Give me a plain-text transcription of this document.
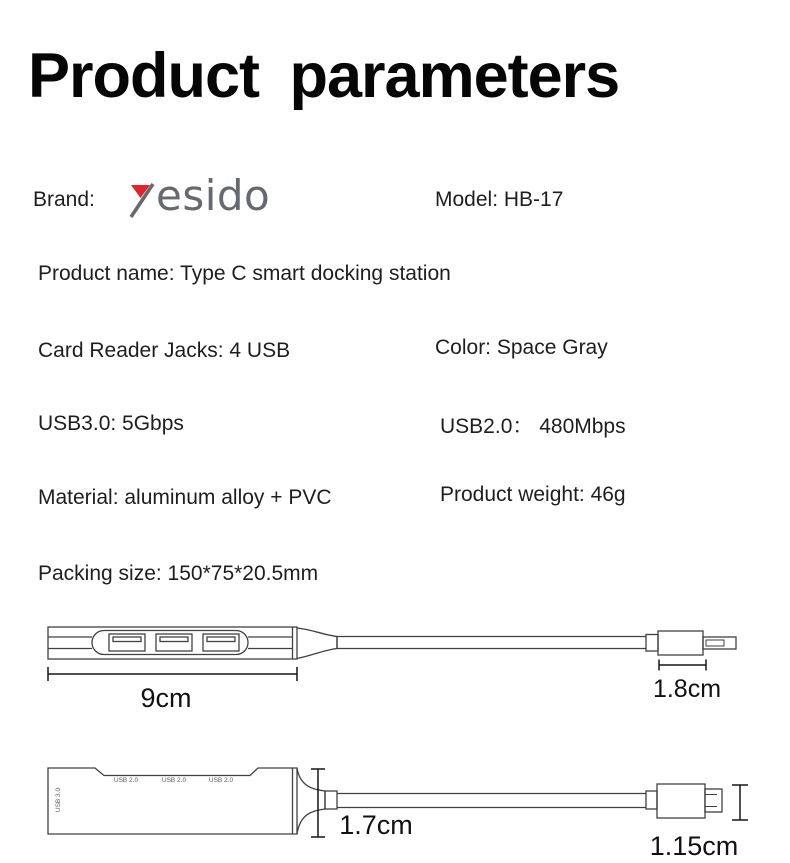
Product parameters
Brand: esido	Model: HB-17
Product name: Type C smart docking station
Card Reader Jacks: 4 USB	Color: Space Gray
USB3.0: 5Gbps	USB2.0： 480Mbps
Material: aluminum alloy + PVC	Product weight: 46g
Packing size: 150*75*20.5mm
9cm	1.8cm
USB 2.0	USB 2.0	USB 2.0
USB 3.0
1.7cm
1.15cm
